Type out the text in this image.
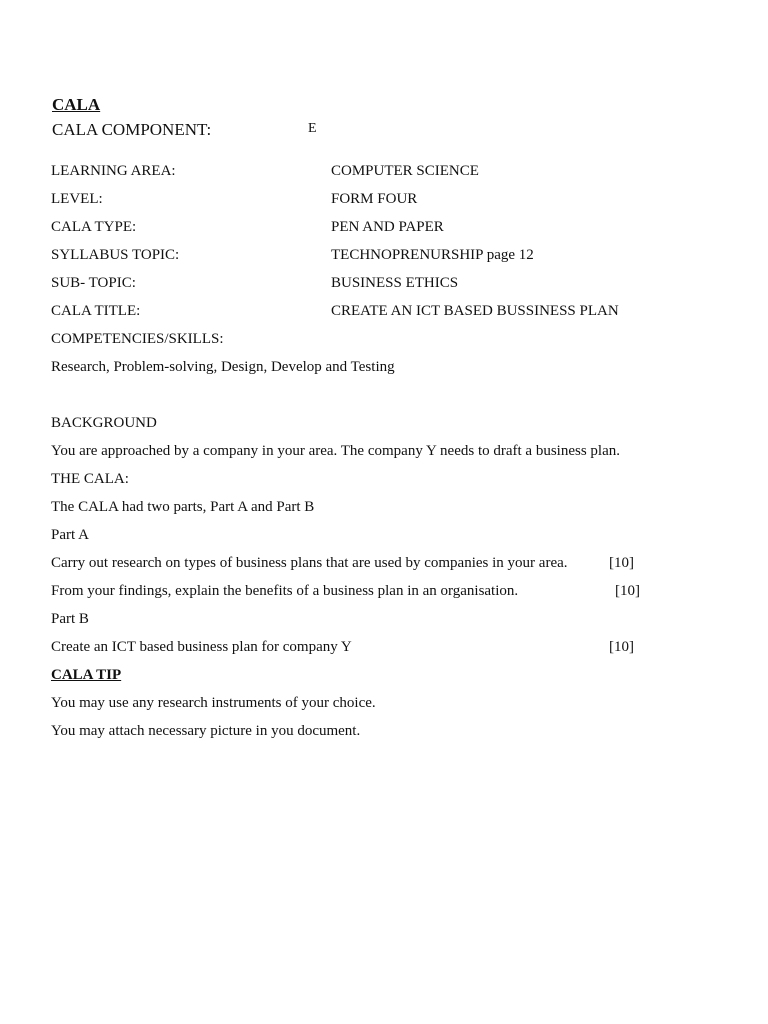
CALA
CALA COMPONENT:	E
LEARNING AREA:	COMPUTER SCIENCE
LEVEL:	FORM FOUR
CALA TYPE:	PEN AND PAPER
SYLLABUS TOPIC:	TECHNOPRENURSHIP page 12
SUB- TOPIC:	BUSINESS ETHICS
CALA TITLE:	CREATE AN ICT BASED BUSSINESS PLAN
COMPETENCIES/SKILLS:
Research, Problem-solving, Design, Develop and Testing
BACKGROUND
You are approached by a company in your area. The company Y needs to draft a business plan.
THE CALA:
The CALA had two parts, Part A and Part B
Part A
Carry out research on types of business plans that are used by companies in your area.	[10]
From your findings, explain the benefits of a business plan in an organisation.	[10]
Part B
Create an ICT based business plan for company Y	[10]
CALA TIP
You may use any research instruments of your choice.
You may attach necessary picture in you document.
